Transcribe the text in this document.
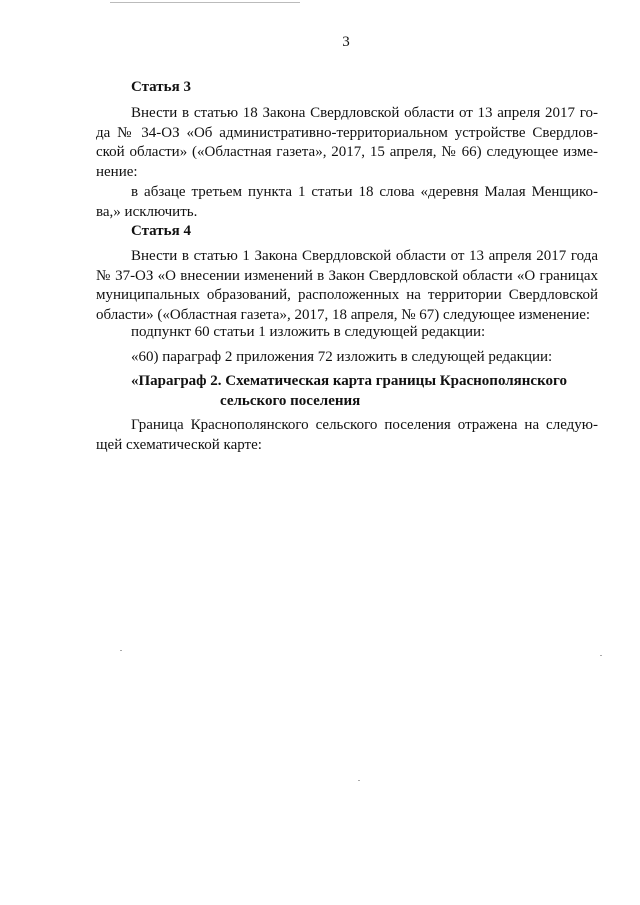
3
Статья 3
Внести в статью 18 Закона Свердловской области от 13 апреля 2017 го-
да № 34-ОЗ «Об административно-территориальном устройстве Свердлов-
ской области» («Областная газета», 2017, 15 апреля, № 66) следующее изме-
нение:
в абзаце третьем пункта 1 статьи 18 слова «деревня Малая Менщико-
ва,» исключить.
Статья 4
Внести в статью 1 Закона Свердловской области от 13 апреля 2017 года
№ 37-ОЗ «О внесении изменений в Закон Свердловской области «О границах
муниципальных образований, расположенных на территории Свердловской
области» («Областная газета», 2017, 18 апреля, № 67) следующее изменение:
подпункт 60 статьи 1 изложить в следующей редакции:
«60) параграф 2 приложения 72 изложить в следующей редакции:
«Параграф 2. Схематическая карта границы Краснополянского
сельского поселения
Граница Краснополянского сельского поселения отражена на следую-
щей схематической карте:
